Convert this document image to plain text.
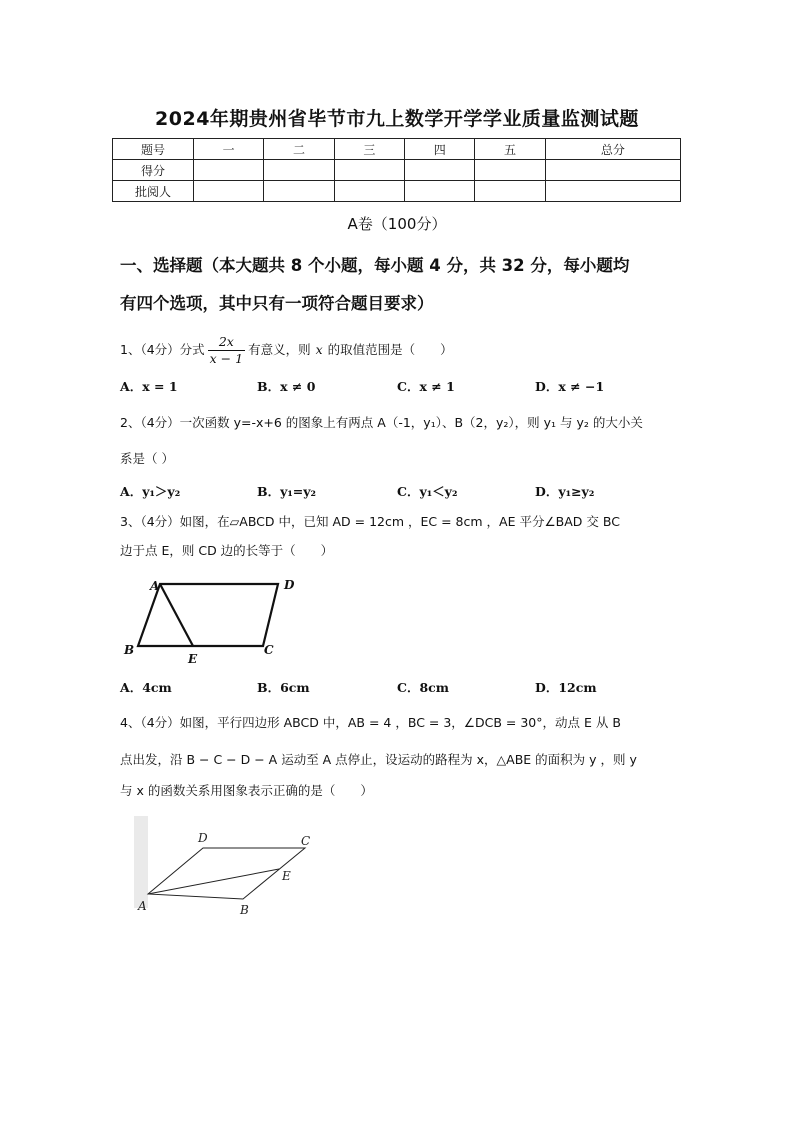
2024年期贵州省毕节市九上数学开学学业质量监测试题
题号	一	二	三	四	五	总分
得分						
批阅人						
A卷（100分）
一、选择题（本大题共 8 个小题，每小题 4 分，共 32 分，每小题均
有四个选项，其中只有一项符合题目要求）
1、（4分）分式 $\frac{2x}{x - 1}$ 有意义，则 x 的取值范围是（　　）
A．x = 1	B．x ≠ 0	C．x ≠ 1	D．x ≠ −1
2、（4分）一次函数 y=-x+6 的图象上有两点 A（-1，y₁）、B（2，y₂），则 y₁ 与 y₂ 的大小关
系是（ ）
A．y₁＞y₂	B．y₁=y₂	C．y₁＜y₂	D．y₁≥y₂
3、（4分）如图，在▱ABCD 中，已知 AD = 12cm ，EC = 8cm ，AE 平分∠BAD 交 BC
边于点 E，则 CD 边的长等于（　　）
A	D
B
E
C
A．4cm	B．6cm	C．8cm	D．12cm
4、（4分）如图，平行四边形 ABCD 中，AB = 4 ，BC = 3，∠DCB = 30°，动点 E 从 B
点出发，沿 B − C − D − A 运动至 A 点停止，设运动的路程为 x，△ABE 的面积为 y ，则 y
与 x 的函数关系用图象表示正确的是（　　）
D	C
E
A	B
